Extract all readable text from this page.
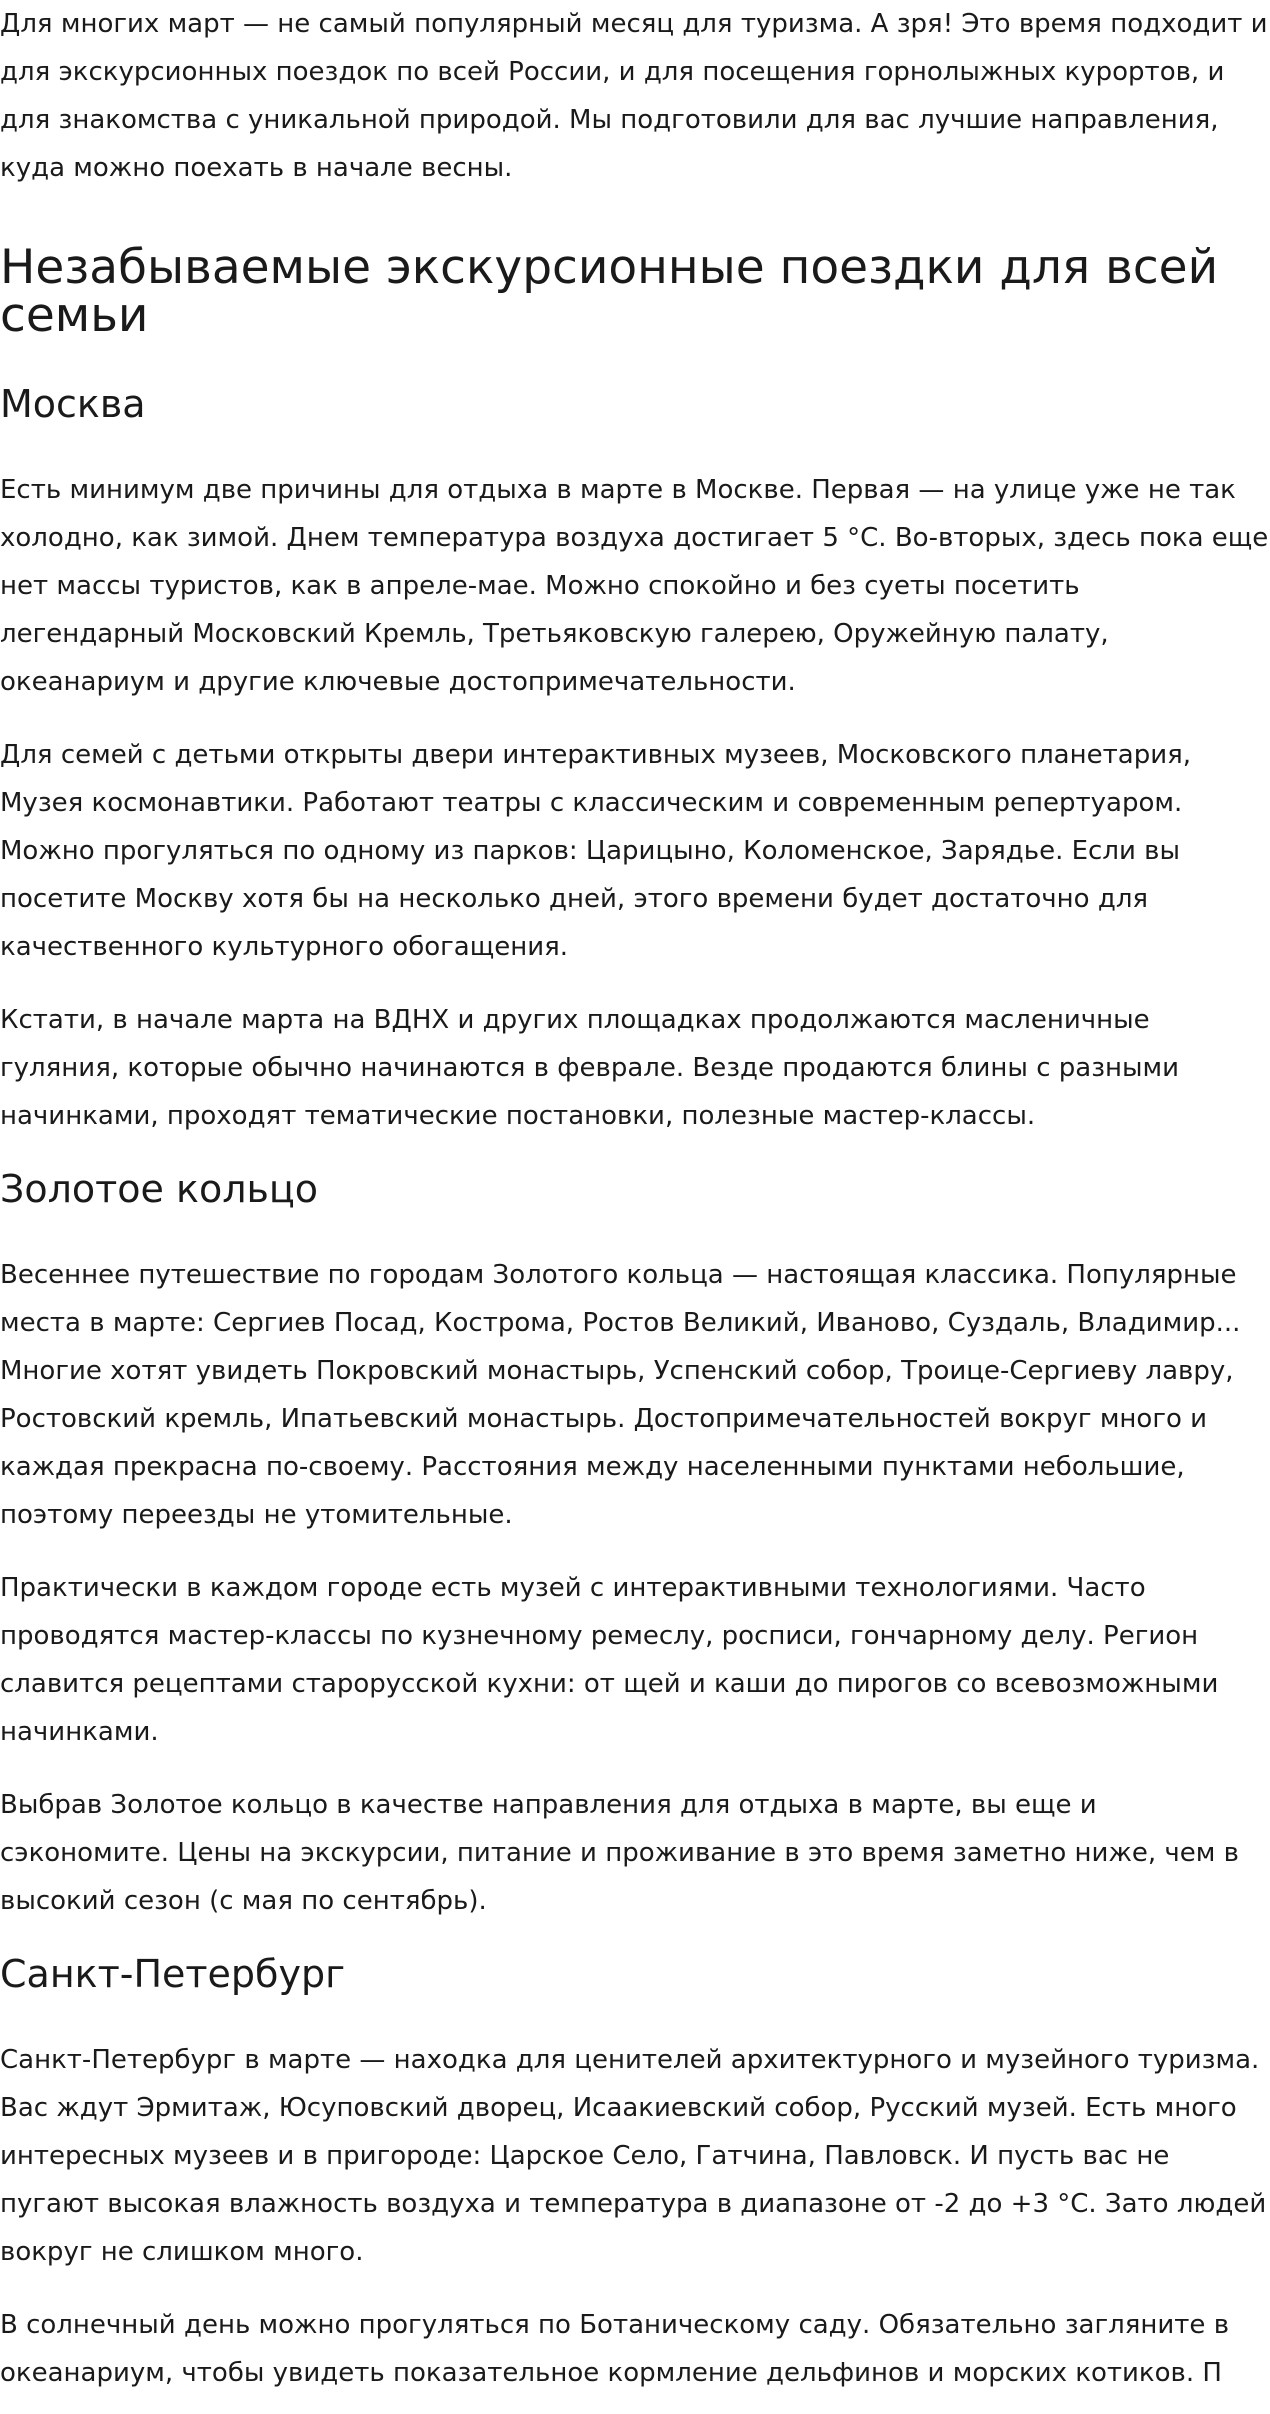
Для многих март — не самый популярный месяц для туризма. А зря! Это время подходит и
для экскурсионных поездок по всей России, и для посещения горнолыжных курортов, и
для знакомства с уникальной природой. Мы подготовили для вас лучшие направления,
куда можно поехать в начале весны.

Незабываемые экскурсионные поездки для всей
семьи
Москва

Есть минимум две причины для отдыха в марте в Москве. Первая — на улице уже не так
холодно, как зимой. Днем температура воздуха достигает 5 °С. Во-вторых, здесь пока еще
нет массы туристов, как в апреле-мае. Можно спокойно и без суеты посетить
легендарный Московский Кремль, Третьяковскую галерею, Оружейную палату,
океанариум и другие ключевые достопримечательности.

Для семей с детьми открыты двери интерактивных музеев, Московского планетария,
Музея космонавтики. Работают театры с классическим и современным репертуаром.
Можно прогуляться по одному из парков: Царицыно, Коломенское, Зарядье. Если вы
посетите Москву хотя бы на несколько дней, этого времени будет достаточно для
качественного культурного обогащения.

Кстати, в начале марта на ВДНХ и других площадках продолжаются масленичные
гуляния, которые обычно начинаются в феврале. Везде продаются блины с разными
начинками, проходят тематические постановки, полезные мастер-классы.

Золотое кольцо

Весеннее путешествие по городам Золотого кольца — настоящая классика. Популярные
места в марте: Сергиев Посад, Кострома, Ростов Великий, Иваново, Суздаль, Владимир...
Многие хотят увидеть Покровский монастырь, Успенский собор, Троице-Сергиеву лавру,
Ростовский кремль, Ипатьевский монастырь. Достопримечательностей вокруг много и
каждая прекрасна по-своему. Расстояния между населенными пунктами небольшие,
поэтому переезды не утомительные.

Практически в каждом городе есть музей с интерактивными технологиями. Часто
проводятся мастер-классы по кузнечному ремеслу, росписи, гончарному делу. Регион
славится рецептами старорусской кухни: от щей и каши до пирогов со всевозможными
начинками.

Выбрав Золотое кольцо в качестве направления для отдыха в марте, вы еще и
сэкономите. Цены на экскурсии, питание и проживание в это время заметно ниже, чем в
высокий сезон (с мая по сентябрь).

Санкт-Петербург

Санкт-Петербург в марте — находка для ценителей архитектурного и музейного туризма.
Вас ждут Эрмитаж, Юсуповский дворец, Исаакиевский собор, Русский музей. Есть много
интересных музеев и в пригороде: Царское Село, Гатчина, Павловск. И пусть вас не
пугают высокая влажность воздуха и температура в диапазоне от -2 до +3 °С. Зато людей
вокруг не слишком много.

В солнечный день можно прогуляться по Ботаническому саду. Обязательно загляните в
океанариум, чтобы увидеть показательное кормление дельфинов и морских котиков. П
